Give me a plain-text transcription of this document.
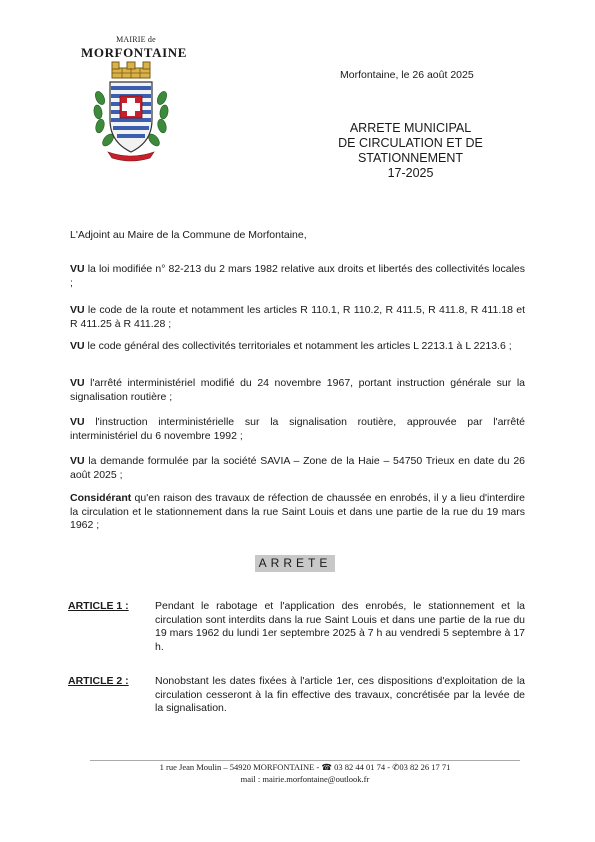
MAIRIE de
MORFONTAINE
Morfontaine, le 26 août 2025
ARRETE MUNICIPAL
DE CIRCULATION ET DE
STATIONNEMENT
17-2025
L'Adjoint au Maire de la Commune de Morfontaine,
VU la loi modifiée n° 82-213 du 2 mars 1982 relative aux droits et libertés des collectivités locales ;
VU le code de la route et notamment les articles R 110.1, R 110.2, R 411.5, R 411.8, R 411.18 et R 411.25 à R 411.28 ;
VU le code général des collectivités territoriales et notamment les articles L 2213.1 à L 2213.6 ;
VU l'arrêté interministériel modifié du 24 novembre 1967, portant instruction générale sur la signalisation routière ;
VU l'instruction interministérielle sur la signalisation routière, approuvée par l'arrêté interministériel du 6 novembre 1992 ;
VU la demande formulée par la société SAVIA – Zone de la Haie – 54750 Trieux en date du 26 août 2025 ;
Considérant qu'en raison des travaux de réfection de chaussée en enrobés, il y a lieu d'interdire la circulation et le stationnement dans la rue Saint Louis et dans une partie de la rue du 19 mars 1962 ;
ARRETE
ARTICLE 1 :	Pendant le rabotage et l'application des enrobés, le stationnement et la circulation sont interdits dans la rue Saint Louis et dans une partie de la rue du 19 mars 1962 du lundi 1er septembre 2025 à 7 h au vendredi 5 septembre à 17 h.
ARTICLE 2 :	Nonobstant les dates fixées à l'article 1er, ces dispositions d'exploitation de la circulation cesseront à la fin effective des travaux, concrétisée par la levée de la signalisation.
1 rue Jean Moulin – 54920 MORFONTAINE - ☎ 03 82 44 01 74 - ✆03 82 26 17 71
mail : mairie.morfontaine@outlook.fr
